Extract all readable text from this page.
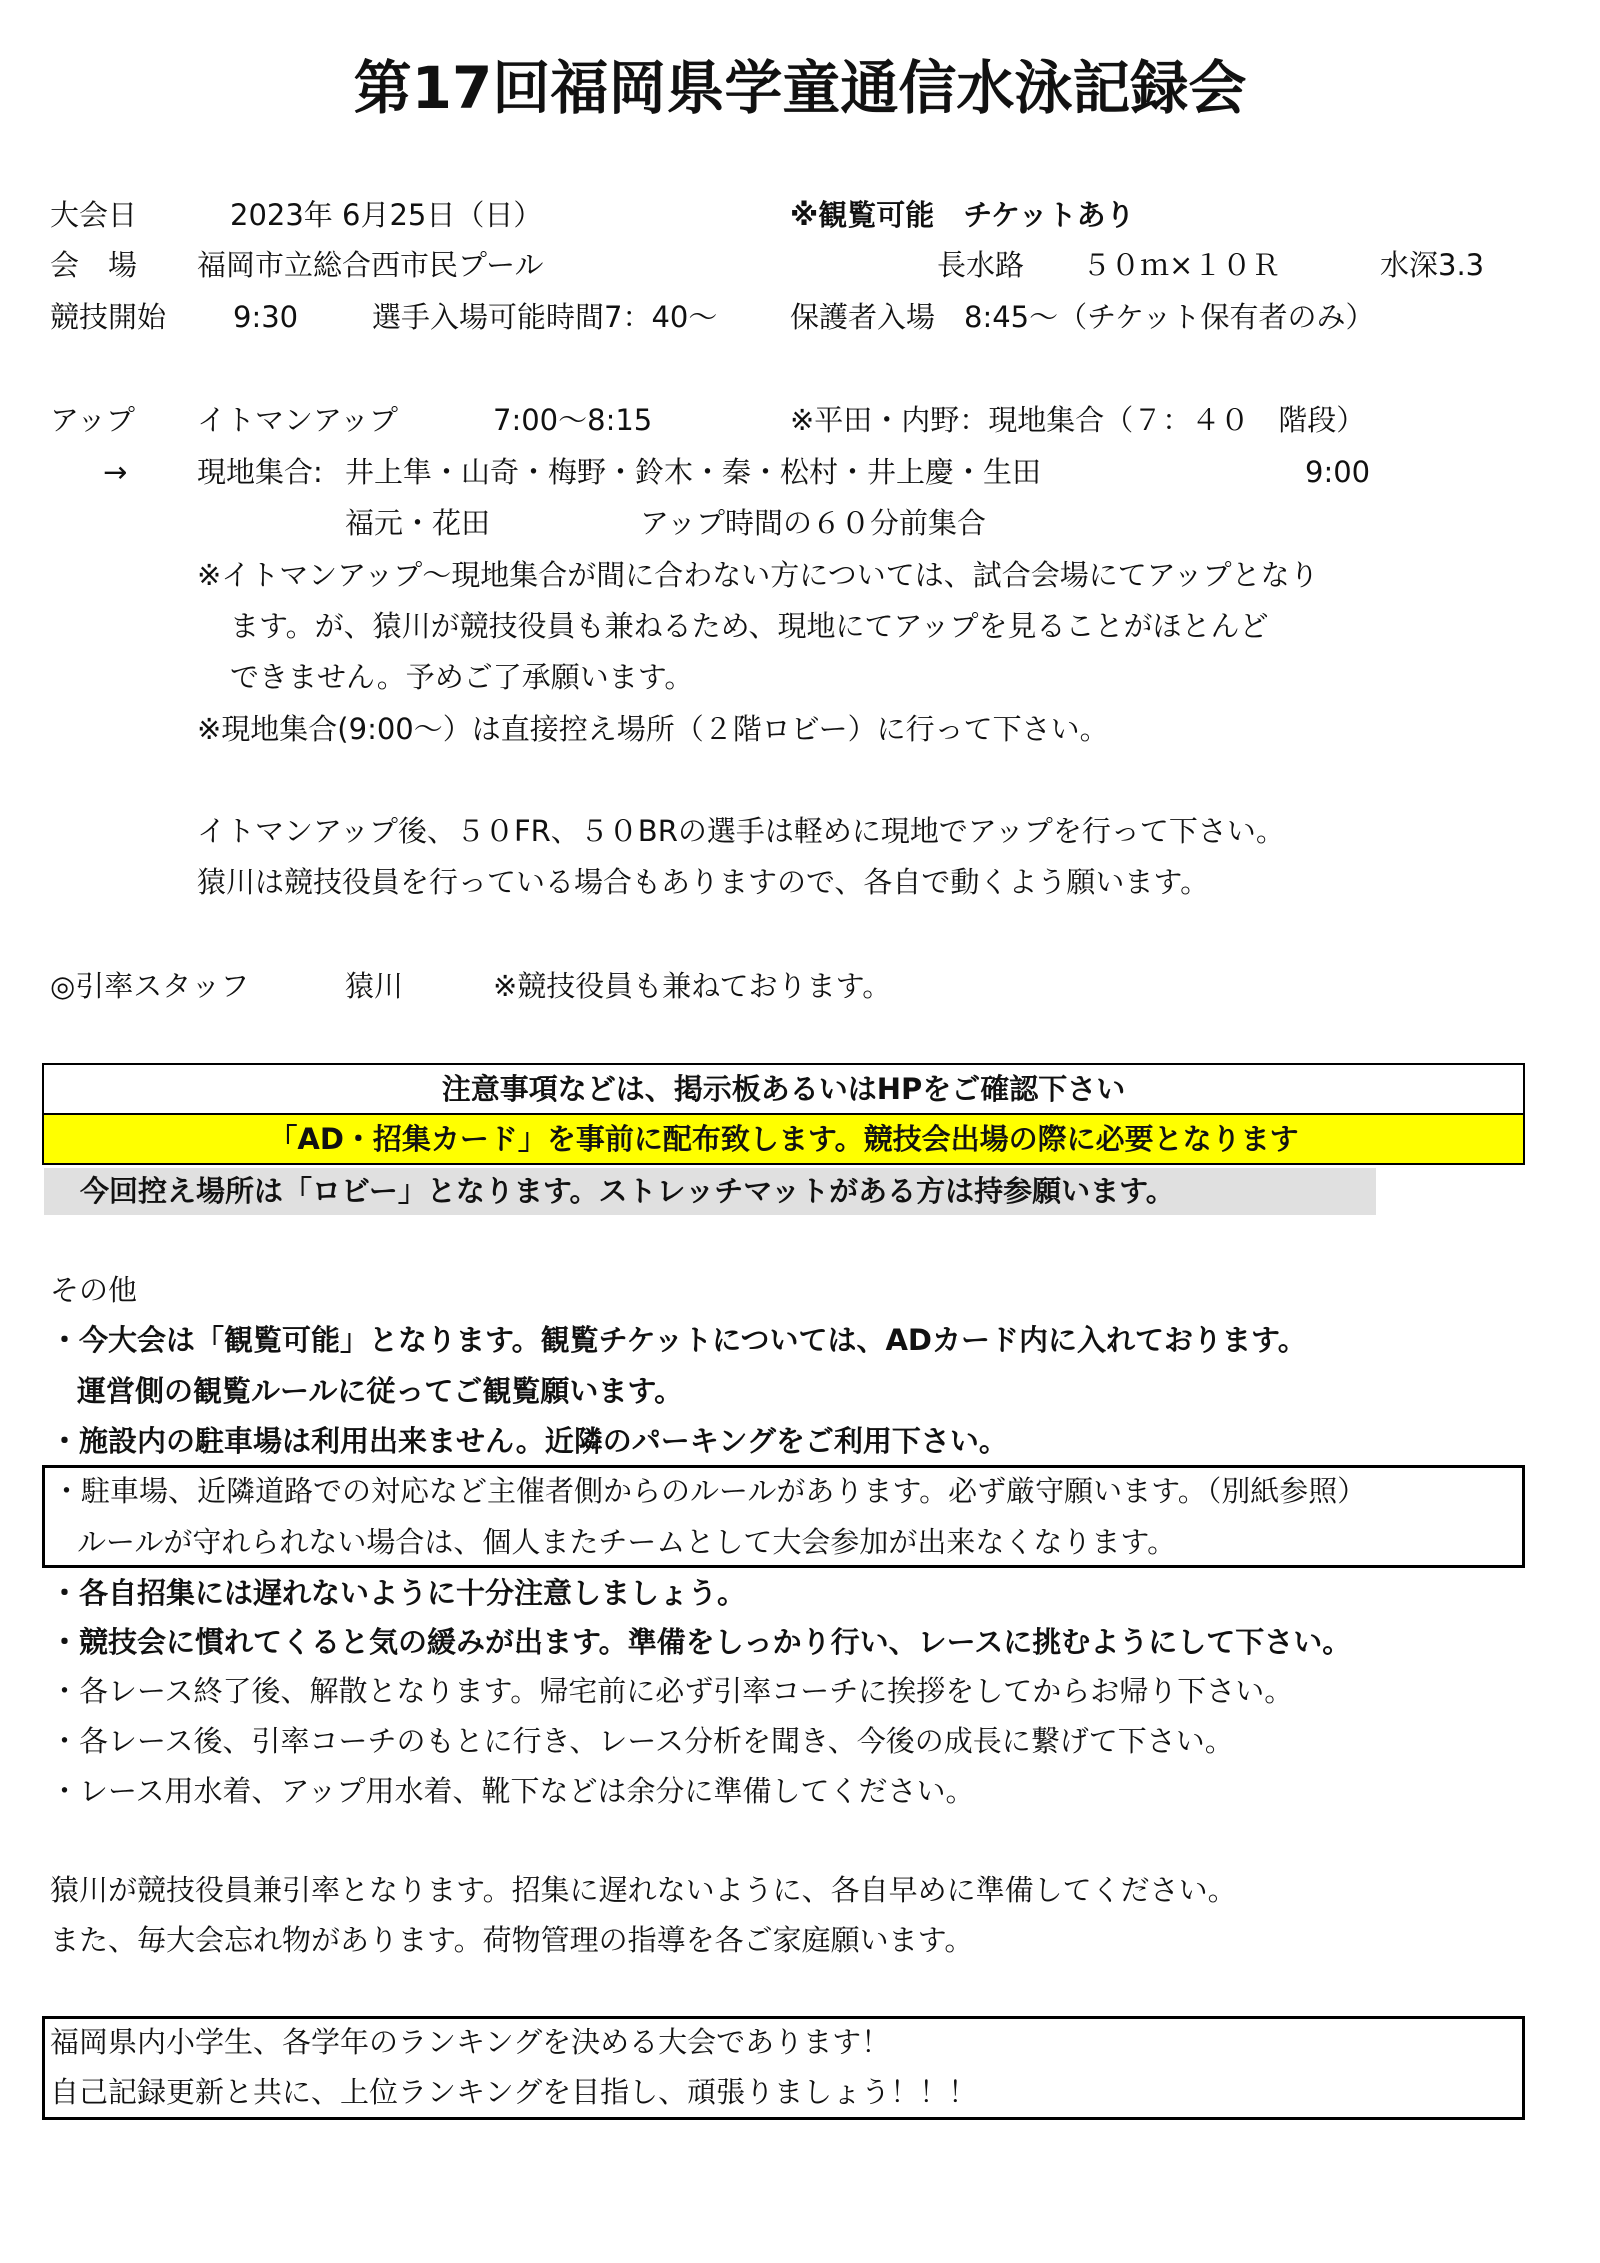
第17回福岡県学童通信水泳記録会
大会日	2023年 6月25日（日）	※観覧可能　チケットあり
会　場 福岡市立総合西市民プール	長水路　　５０ｍ×１０Ｒ	水深3.3
競技開始 9:30	選手入場可能時間7：40～	保護者入場　8:45～（チケット保有者のみ）
アップ イトマンアップ	7:00～8:15	※平田・内野：現地集合（７：４０　階段）
→ 現地集合: 井上隼・山奇・梅野・鈴木・秦・松村・井上慶・生田	9:00
福元・花田	アップ時間の６０分前集合
※イトマンアップ～現地集合が間に合わない方については、試合会場にてアップとなり
ます。が、猿川が競技役員も兼ねるため、現地にてアップを見ることがほとんど
できません。予めご了承願います。
※現地集合(9:00～）は直接控え場所（２階ロビー）に行って下さい。
イトマンアップ後、５０FR、５０BRの選手は軽めに現地でアップを行って下さい。
猿川は競技役員を行っている場合もありますので、各自で動くよう願います。
◎引率スタッフ	猿川	※競技役員も兼ねております。
注意事項などは、掲示板あるいはHPをご確認下さい
「AD・招集カード」を事前に配布致します。競技会出場の際に必要となります
今回控え場所は「ロビー」となります。ストレッチマットがある方は持参願います。
その他
・今大会は「観覧可能」となります。観覧チケットについては、ADカード内に入れております。
運営側の観覧ルールに従ってご観覧願います。
・施設内の駐車場は利用出来ません。近隣のパーキングをご利用下さい。
・駐車場、近隣道路での対応など主催者側からのルールがあります。必ず厳守願います。（別紙参照）
ルールが守れられない場合は、個人またチームとして大会参加が出来なくなります。
・各自招集には遅れないように十分注意しましょう。
・競技会に慣れてくると気の緩みが出ます。準備をしっかり行い、レースに挑むようにして下さい。
・各レース終了後、解散となります。帰宅前に必ず引率コーチに挨拶をしてからお帰り下さい。
・各レース後、引率コーチのもとに行き、レース分析を聞き、今後の成長に繋げて下さい。
・レース用水着、アップ用水着、靴下などは余分に準備してください。
猿川が競技役員兼引率となります。招集に遅れないように、各自早めに準備してください。
また、毎大会忘れ物があります。荷物管理の指導を各ご家庭願います。
福岡県内小学生、各学年のランキングを決める大会であります！
自己記録更新と共に、上位ランキングを目指し、頑張りましょう！！！
